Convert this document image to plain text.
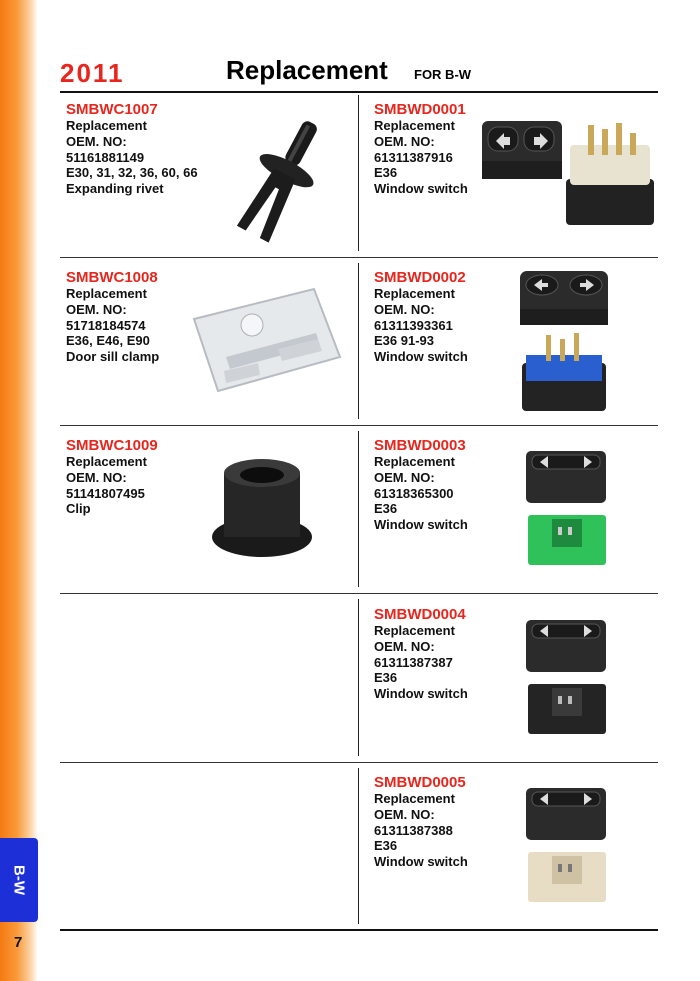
B-W
7
2011	Replacement FOR B-W
SMBWC1007
Replacement
OEM. NO:
51161881149
E30, 31, 32, 36, 60, 66
Expanding rivet
SMBWD0001
Replacement
OEM. NO:
61311387916
E36
Window switch
SMBWC1008
Replacement
OEM. NO:
51718184574
E36, E46, E90
Door sill clamp
SMBWD0002
Replacement
OEM. NO:
61311393361
E36 91-93
Window switch
SMBWC1009
Replacement
OEM. NO:
51141807495
Clip
SMBWD0003
Replacement
OEM. NO:
61318365300
E36
Window switch
SMBWD0004
Replacement
OEM. NO:
61311387387
E36
Window switch
SMBWD0005
Replacement
OEM. NO:
61311387388
E36
Window switch
